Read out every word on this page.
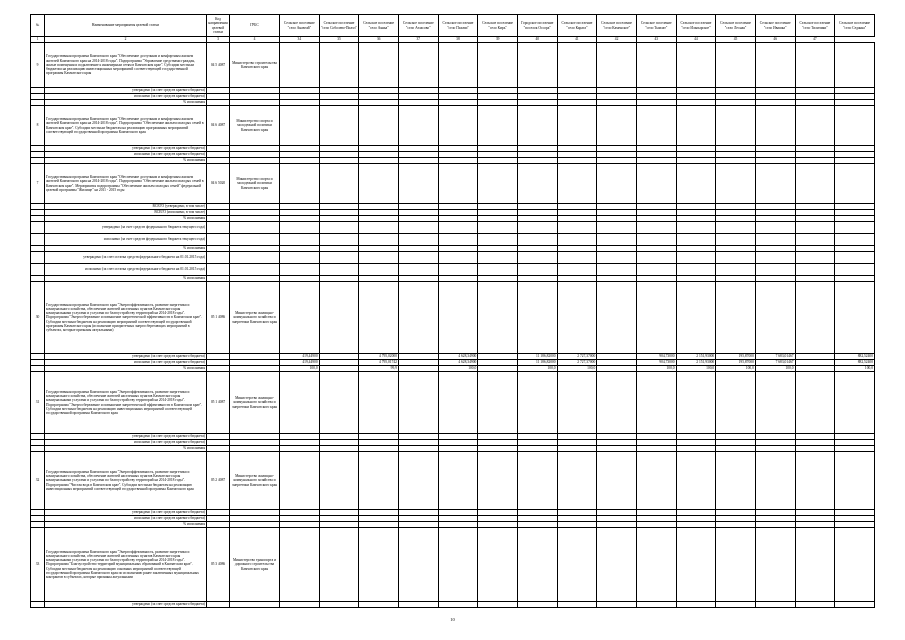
№	Наименование мероприятия целевой статьи	Код направления целевой статьи	ГРБС	Сельское поселение "село Анавгай"	Сельское поселение "село Соболево-Пилхэ"	Сельское поселение "село Аянка"	Сельское поселение "село Атласово"	Сельское поселение "село Пахачи"	Сельское поселение "село Кирь"	Городское поселение "поселок Оссора"	Сельское поселение "село Карага"	Сельское поселение "село Каменское"	Сельское поселение "село Тымлат"	Сельское поселение "село Ильпырское"	Сельское поселение "село Лесная"	Сельское поселение "село Ивашка"	Сельское поселение "село Тиличики"	Сельское поселение "село Седанка"
1	2	3	4	34	35	36	37	38	39	40	41	42	43	44	45	46	47	
9	Государственная программа Камчатского края "Обеспечение доступным и комфортным жильем жителей Камчатского края на 2014-2018 годы". Подпрограмма "Управление средствами граждан, жилые помещения и подключение к инженерным сетям в Камчатском крае". Субсидии местным бюджетам на реализацию инвестиционных мероприятий соответствующей государственной программы Камчатского края	04 5 4087	Министерство строительства Камчатского края															
	утверждено (за счет средств краевого бюджета)																	
	исполнено (за счет средств краевого бюджета)																	
	% исполнения																	
8	Государственная программа Камчатского края "Обеспечение доступным и комфортным жильем жителей Камчатского края на 2014-2018 годы". Подпрограмма "Обеспечение жильем молодых семей в Камчатском крае". Субсидии местным бюджетам на реализацию программных мероприятий соответствующей государственной программы Камчатского края	04 6 4087	Министерство спорта и молодежной политики Камчатского края															
	утверждено (за счет средств краевого бюджета)																	
	исполнено (за счет средств краевого бюджета)																	
	% исполнения																	
7	Государственная программа Камчатского края "Обеспечение доступным и комфортным жильем жителей Камчатского края на 2014-2018 годы". Подпрограмма "Обеспечение жильем молодых семей в Камчатском крае". Мероприятия подпрограммы "Обеспечение жильем молодых семей" федеральной целевой программы "Жилище" на 2011 - 2015 годы	04 6 5020	Министерство спорта и молодежной политики Камчатского края															
	ВСЕГО (утверждено, в том числе)																	
	ВСЕГО (исполнено, в том числе)																	
	% исполнения																	
	утверждено (за счет средств федерального бюджета текущего года)																	
	исполнено (за счет средств федерального бюджета текущего года)																	
	% исполнения																	
	утверждено (за счет остатка средств федерального бюджета на 01.01.2015 года)																	
	исполнено (за счет остатка средств федерального бюджета на 01.01.2015 года)																	
	% исполнения																	
30	Государственная программа Камчатского края "Энергоэффективность, развитие энергетики и коммунального хозяйства, обеспечение жителей населенных пунктов Камчатского края коммунальными услугами и услугами по благоустройству территорий на 2014-2018 годы". Подпрограмма "Энергосбережение и повышение энергетической эффективности в Камчатском крае". Субсидии местным бюджетам на реализацию мероприятий соответствующей государственной программы Камчатского края (исполнение приоритетных энергосберегающих мероприятий в субъектах, которые признаны актуальными)	05 1 4086	Министерство жилищно-коммунального хозяйства и энергетики Камчатского края															
	утверждено (за счет средств краевого бюджета)			419,44900		4 795,02000		4 628,34900		11 186,82000	2 727,37000		904,73000	2 151,93000	195,87000	7 683,01467		882,52400
	исполнено (за счет средств краевого бюджета)			419,44900		4 795,01742		4 628,34900		11 186,82000	2 727,37000		904,73000	2 151,93000	195,87000	7 683,01467		882,52400
	% исполнения			100,0		99,9		100,0		100,0	100,0		100,0	100,0	100,0	100,0		100,0
31	Государственная программа Камчатского края "Энергоэффективность, развитие энергетики и коммунального хозяйства, обеспечение жителей населенных пунктов Камчатского края коммунальными услугами и услугами по благоустройству территорий на 2014-2018 годы". Подпрограмма "Энергосбережение и повышение энергетической эффективности в Камчатском крае". Субсидии местным бюджетам на реализацию инвестиционных мероприятий соответствующей государственной программы Камчатского края	05 1 4087	Министерство жилищно-коммунального хозяйства и энергетики Камчатского края															
	утверждено (за счет средств краевого бюджета)																	
	исполнено (за счет средств краевого бюджета)																	
	% исполнения																	
32	Государственная программа Камчатского края "Энергоэффективность, развитие энергетики и коммунального хозяйства, обеспечение жителей населенных пунктов Камчатского края коммунальными услугами и услугами по благоустройству территорий на 2014-2018 годы". Подпрограмма "Чистая вода в Камчатском крае". Субсидии местным бюджетам на реализацию инвестиционных мероприятий соответствующей государственной программы Камчатского края	05 2 4087	Министерство жилищно-коммунального хозяйства и энергетики Камчатского края															
	утверждено (за счет средств краевого бюджета)																	
	исполнено (за счет средств краевого бюджета)																	
	% исполнения																	
33	Государственная программа Камчатского края "Энергоэффективность, развитие энергетики и коммунального хозяйства, обеспечение жителей населенных пунктов Камчатского края коммунальными услугами и услугами по благоустройству территорий на 2014-2018 годы". Подпрограмма "Благоустройство территорий муниципальных образований в Камчатском крае". Субсидии местным бюджетам на реализацию основных мероприятий соответствующей государственной программы Камчатского края по исполнению ранее заключенных муниципальных контрактов в субъектах, которые признаны актуальными	05 3 4086	Министерство транспорта и дорожного строительства Камчатского края															
	утверждено (за счет средств краевого бюджета)																	
10
